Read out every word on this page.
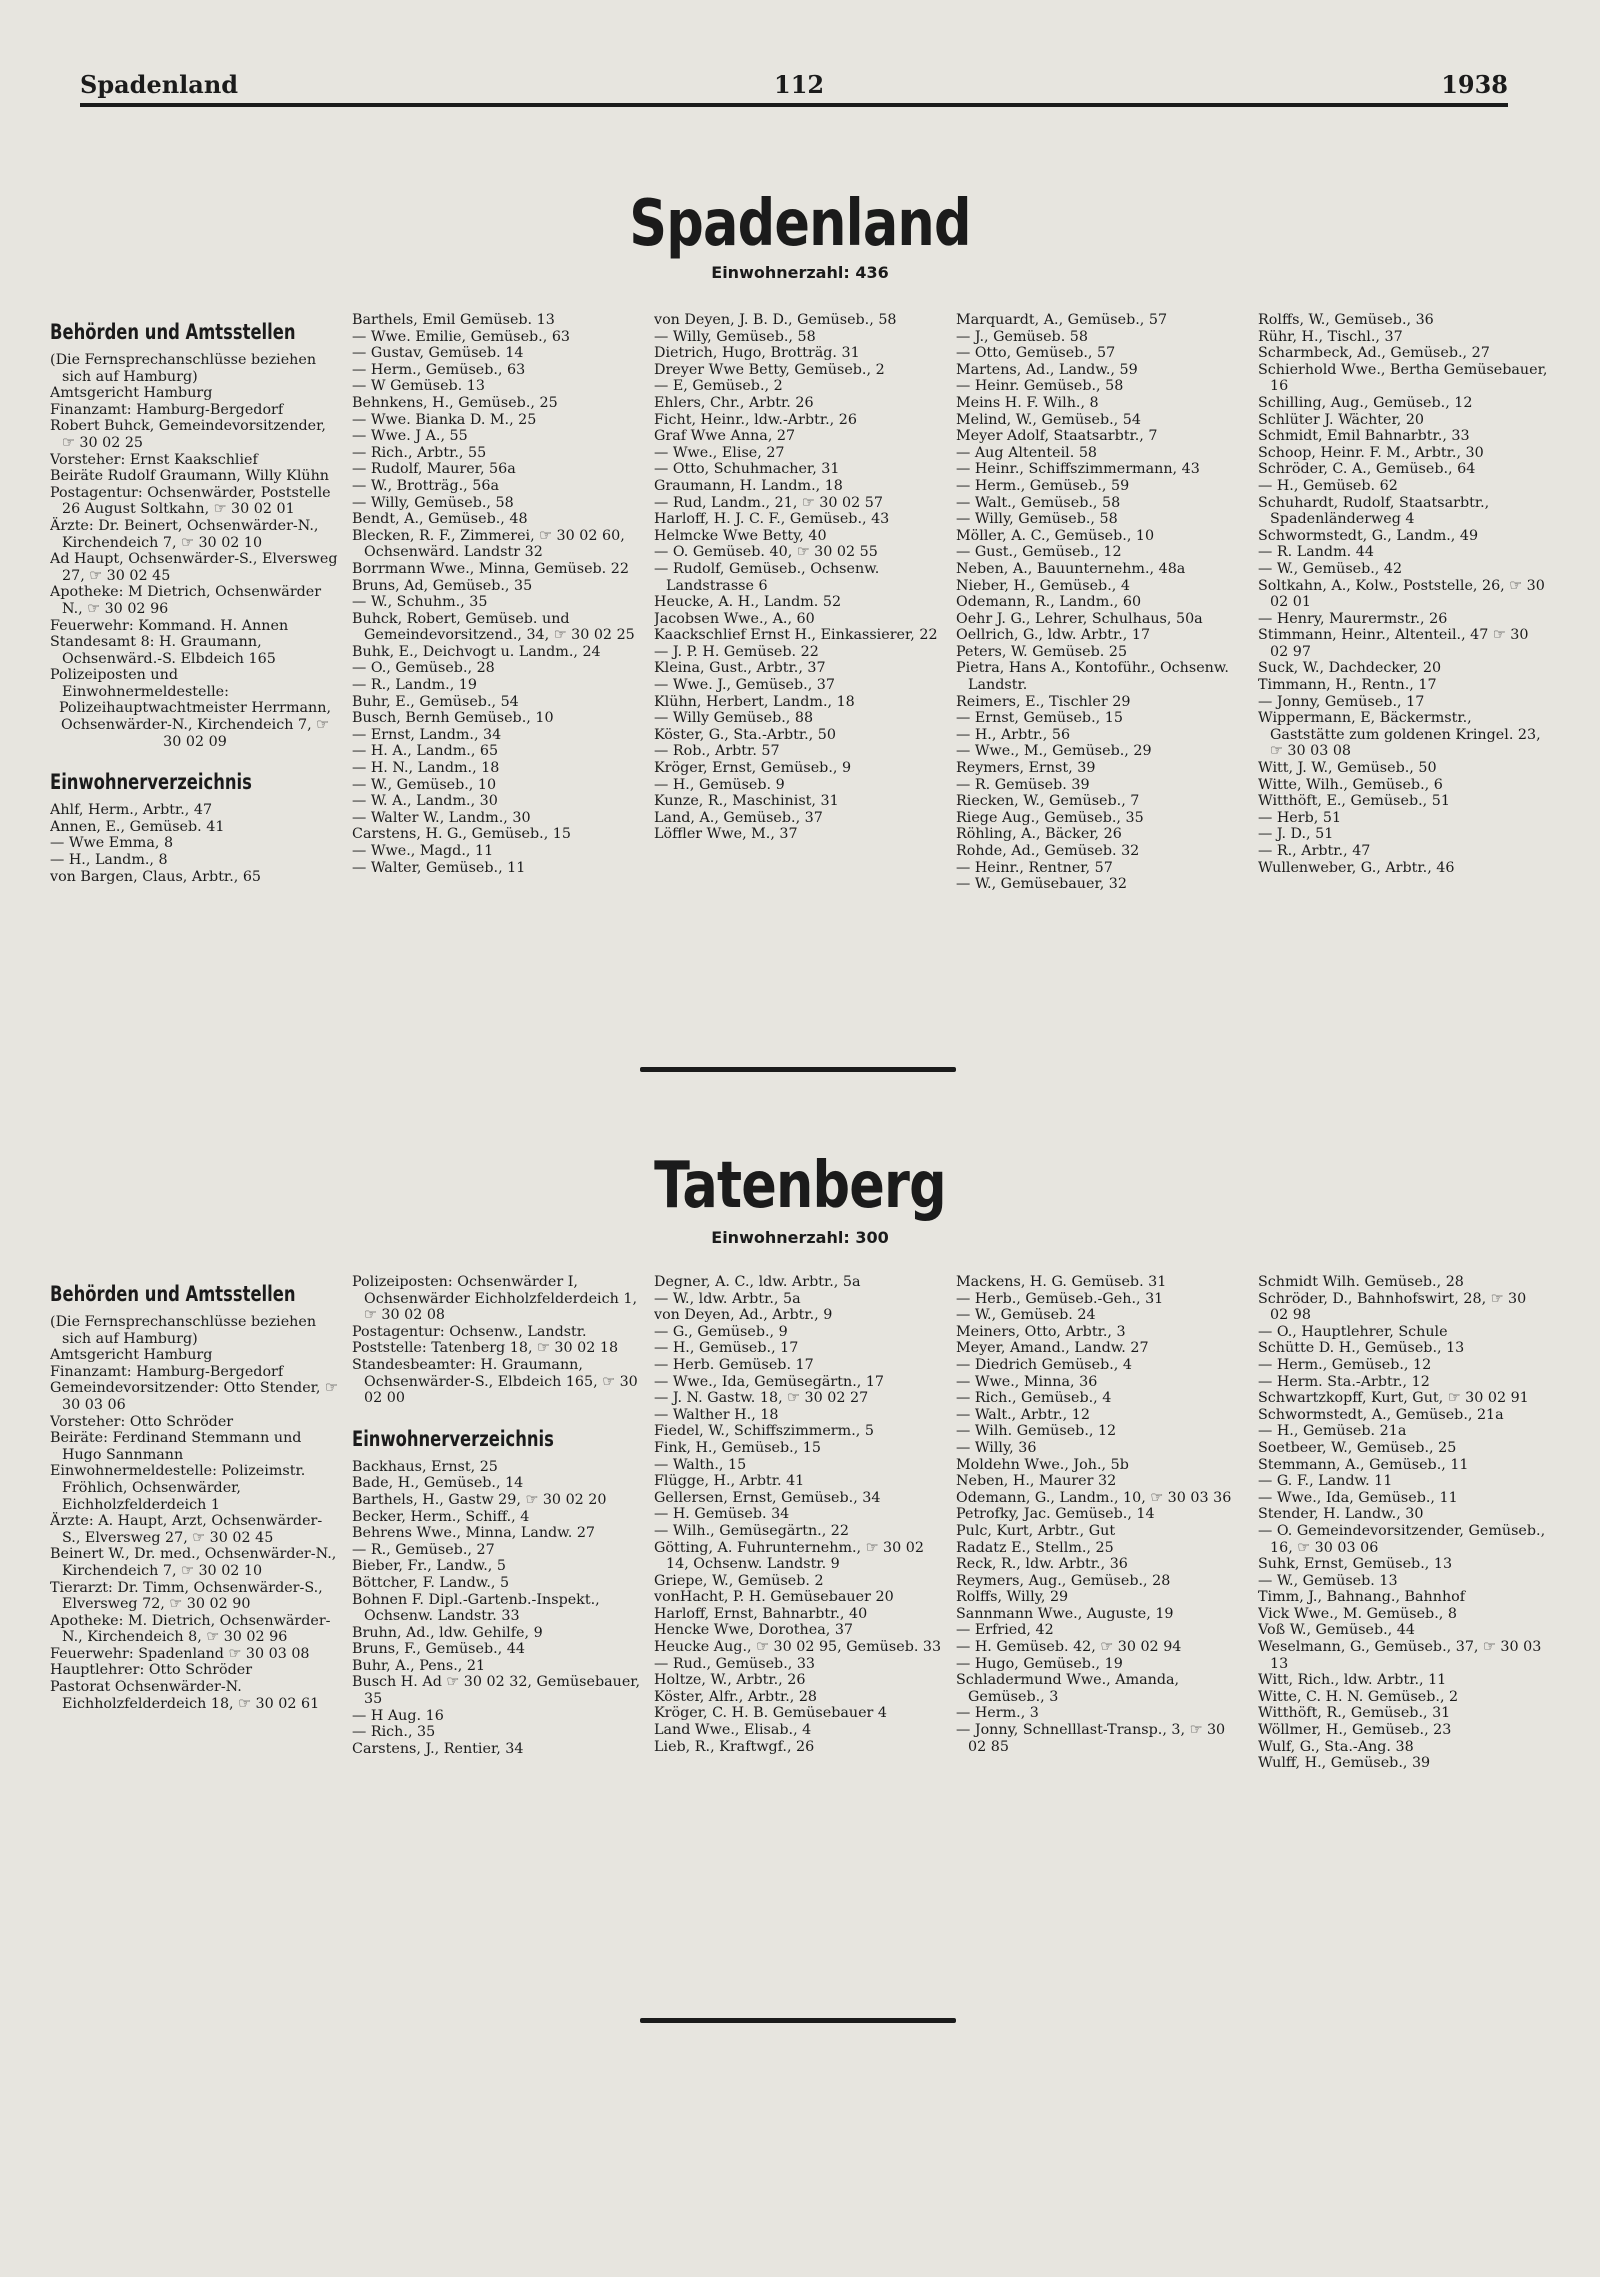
Spadenland	112	1938
Spadenland
Einwohnerzahl: 436
Behörden und Amtsstellen
(Die Fernsprechanschlüsse beziehen sich auf Hamburg)
Amtsgericht Hamburg
Finanzamt: Hamburg-Bergedorf
Robert Buhck, Gemeindevorsitzender, ☞ 30 02 25
Vorsteher: Ernst Kaakschlief
Beiräte Rudolf Graumann, Willy Klühn
Postagentur: Ochsenwärder, Poststelle 26 August Soltkahn, ☞ 30 02 01
Ärzte: Dr. Beinert, Ochsenwärder-N., Kirchendeich 7, ☞ 30 02 10
Ad Haupt, Ochsenwärder-S., Elversweg 27, ☞ 30 02 45
Apotheke: M Dietrich, Ochsenwärder N., ☞ 30 02 96
Feuerwehr: Kommand. H. Annen
Standesamt 8: H. Graumann, Ochsenwärd.-S. Elbdeich 165
Polizeiposten und Einwohnermeldestelle:
Polizeihauptwachtmeister Herrmann, Ochsenwärder-N., Kirchendeich 7, ☞ 30 02 09
Einwohnerverzeichnis
Ahlf, Herm., Arbtr., 47
Annen, E., Gemüseb. 41
— Wwe Emma, 8
— H., Landm., 8
von Bargen, Claus, Arbtr., 65
Barthels, Emil Gemüseb. 13
— Wwe. Emilie, Gemüseb., 63
— Gustav, Gemüseb. 14
— Herm., Gemüseb., 63
— W Gemüseb. 13
Behnkens, H., Gemüseb., 25
— Wwe. Bianka D. M., 25
— Wwe. J A., 55
— Rich., Arbtr., 55
— Rudolf, Maurer, 56a
— W., Brotträg., 56a
— Willy, Gemüseb., 58
Bendt, A., Gemüseb., 48
Blecken, R. F., Zimmerei, ☞ 30 02 60, Ochsenwärd. Landstr 32
Borrmann Wwe., Minna, Gemüseb. 22
Bruns, Ad, Gemüseb., 35
— W., Schuhm., 35
Buhck, Robert, Gemüseb. und Gemeindevorsitzend., 34, ☞ 30 02 25
Buhk, E., Deichvogt u. Landm., 24
— O., Gemüseb., 28
— R., Landm., 19
Buhr, E., Gemüseb., 54
Busch, Bernh Gemüseb., 10
— Ernst, Landm., 34
— H. A., Landm., 65
— H. N., Landm., 18
— W., Gemüseb., 10
— W. A., Landm., 30
— Walter W., Landm., 30
Carstens, H. G., Gemüseb., 15
— Wwe., Magd., 11
— Walter, Gemüseb., 11
von Deyen, J. B. D., Gemüseb., 58
— Willy, Gemüseb., 58
Dietrich, Hugo, Brotträg. 31
Dreyer Wwe Betty, Gemüseb., 2
— E, Gemüseb., 2
Ehlers, Chr., Arbtr. 26
Ficht, Heinr., ldw.-Arbtr., 26
Graf Wwe Anna, 27
— Wwe., Elise, 27
— Otto, Schuhmacher, 31
Graumann, H. Landm., 18
— Rud, Landm., 21, ☞ 30 02 57
Harloff, H. J. C. F., Gemüseb., 43
Helmcke Wwe Betty, 40
— O. Gemüseb. 40, ☞ 30 02 55
— Rudolf, Gemüseb., Ochsenw. Landstrasse 6
Heucke, A. H., Landm. 52
Jacobsen Wwe., A., 60
Kaackschlief Ernst H., Einkassierer, 22
— J. P. H. Gemüseb. 22
Kleina, Gust., Arbtr., 37
— Wwe. J., Gemüseb., 37
Klühn, Herbert, Landm., 18
— Willy Gemüseb., 88
Köster, G., Sta.-Arbtr., 50
— Rob., Arbtr. 57
Kröger, Ernst, Gemüseb., 9
— H., Gemüseb. 9
Kunze, R., Maschinist, 31
Land, A., Gemüseb., 37
Löffler Wwe, M., 37
Marquardt, A., Gemüseb., 57
— J., Gemüseb. 58
— Otto, Gemüseb., 57
Martens, Ad., Landw., 59
— Heinr. Gemüseb., 58
Meins H. F. Wilh., 8
Melind, W., Gemüseb., 54
Meyer Adolf, Staatsarbtr., 7
— Aug Altenteil. 58
— Heinr., Schiffszimmermann, 43
— Herm., Gemüseb., 59
— Walt., Gemüseb., 58
— Willy, Gemüseb., 58
Möller, A. C., Gemüseb., 10
— Gust., Gemüseb., 12
Neben, A., Bauunternehm., 48a
Nieber, H., Gemüseb., 4
Odemann, R., Landm., 60
Oehr J. G., Lehrer, Schulhaus, 50a
Oellrich, G., ldw. Arbtr., 17
Peters, W. Gemüseb. 25
Pietra, Hans A., Kontoführ., Ochsenw. Landstr.
Reimers, E., Tischler 29
— Ernst, Gemüseb., 15
— H., Arbtr., 56
— Wwe., M., Gemüseb., 29
Reymers, Ernst, 39
— R. Gemüseb. 39
Riecken, W., Gemüseb., 7
Riege Aug., Gemüseb., 35
Röhling, A., Bäcker, 26
Rohde, Ad., Gemüseb. 32
— Heinr., Rentner, 57
— W., Gemüsebauer, 32
Rolffs, W., Gemüseb., 36
Rühr, H., Tischl., 37
Scharmbeck, Ad., Gemüseb., 27
Schierhold Wwe., Bertha Gemüsebauer, 16
Schilling, Aug., Gemüseb., 12
Schlüter J. Wächter, 20
Schmidt, Emil Bahnarbtr., 33
Schoop, Heinr. F. M., Arbtr., 30
Schröder, C. A., Gemüseb., 64
— H., Gemüseb. 62
Schuhardt, Rudolf, Staatsarbtr., Spadenländerweg 4
Schwormstedt, G., Landm., 49
— R. Landm. 44
— W., Gemüseb., 42
Soltkahn, A., Kolw., Poststelle, 26, ☞ 30 02 01
— Henry, Maurermstr., 26
Stimmann, Heinr., Altenteil., 47 ☞ 30 02 97
Suck, W., Dachdecker, 20
Timmann, H., Rentn., 17
— Jonny, Gemüseb., 17
Wippermann, E, Bäckermstr., Gaststätte zum goldenen Kringel. 23, ☞ 30 03 08
Witt, J. W., Gemüseb., 50
Witte, Wilh., Gemüseb., 6
Witthöft, E., Gemüseb., 51
— Herb, 51
— J. D., 51
— R., Arbtr., 47
Wullenweber, G., Arbtr., 46
Tatenberg
Einwohnerzahl: 300
Behörden und Amtsstellen
(Die Fernsprechanschlüsse beziehen sich auf Hamburg)
Amtsgericht Hamburg
Finanzamt: Hamburg-Bergedorf
Gemeindevorsitzender: Otto Stender, ☞ 30 03 06
Vorsteher: Otto Schröder
Beiräte: Ferdinand Stemmann und Hugo Sannmann
Einwohnermeldestelle: Polizeimstr. Fröhlich, Ochsenwärder, Eichholzfelderdeich 1
Ärzte: A. Haupt, Arzt, Ochsenwärder-S., Elversweg 27, ☞ 30 02 45
Beinert W., Dr. med., Ochsenwärder-N., Kirchendeich 7, ☞ 30 02 10
Tierarzt: Dr. Timm, Ochsenwärder-S., Elversweg 72, ☞ 30 02 90
Apotheke: M. Dietrich, Ochsenwärder-N., Kirchendeich 8, ☞ 30 02 96
Feuerwehr: Spadenland ☞ 30 03 08
Hauptlehrer: Otto Schröder
Pastorat Ochsenwärder-N. Eichholzfelderdeich 18, ☞ 30 02 61
Polizeiposten: Ochsenwärder I, Ochsenwärder Eichholzfelderdeich 1, ☞ 30 02 08
Postagentur: Ochsenw., Landstr.
Poststelle: Tatenberg 18, ☞ 30 02 18
Standesbeamter: H. Graumann, Ochsenwärder-S., Elbdeich 165, ☞ 30 02 00
Einwohnerverzeichnis
Backhaus, Ernst, 25
Bade, H., Gemüseb., 14
Barthels, H., Gastw 29, ☞ 30 02 20
Becker, Herm., Schiff., 4
Behrens Wwe., Minna, Landw. 27
— R., Gemüseb., 27
Bieber, Fr., Landw., 5
Böttcher, F. Landw., 5
Bohnen F. Dipl.-Gartenb.-Inspekt., Ochsenw. Landstr. 33
Bruhn, Ad., ldw. Gehilfe, 9
Bruns, F., Gemüseb., 44
Buhr, A., Pens., 21
Busch H. Ad ☞ 30 02 32, Gemüsebauer, 35
— H Aug. 16
— Rich., 35
Carstens, J., Rentier, 34
Degner, A. C., ldw. Arbtr., 5a
— W., ldw. Arbtr., 5a
von Deyen, Ad., Arbtr., 9
— G., Gemüseb., 9
— H., Gemüseb., 17
— Herb. Gemüseb. 17
— Wwe., Ida, Gemüsegärtn., 17
— J. N. Gastw. 18, ☞ 30 02 27
— Walther H., 18
Fiedel, W., Schiffszimmerm., 5
Fink, H., Gemüseb., 15
— Walth., 15
Flügge, H., Arbtr. 41
Gellersen, Ernst, Gemüseb., 34
— H. Gemüseb. 34
— Wilh., Gemüsegärtn., 22
Götting, A. Fuhrunternehm., ☞ 30 02 14, Ochsenw. Landstr. 9
Griepe, W., Gemüseb. 2
vonHacht, P. H. Gemüsebauer 20
Harloff, Ernst, Bahnarbtr., 40
Hencke Wwe, Dorothea, 37
Heucke Aug., ☞ 30 02 95, Gemüseb. 33
— Rud., Gemüseb., 33
Holtze, W., Arbtr., 26
Köster, Alfr., Arbtr., 28
Kröger, C. H. B. Gemüsebauer 4
Land Wwe., Elisab., 4
Lieb, R., Kraftwgf., 26
Mackens, H. G. Gemüseb. 31
— Herb., Gemüseb.-Geh., 31
— W., Gemüseb. 24
Meiners, Otto, Arbtr., 3
Meyer, Amand., Landw. 27
— Diedrich Gemüseb., 4
— Wwe., Minna, 36
— Rich., Gemüseb., 4
— Walt., Arbtr., 12
— Wilh. Gemüseb., 12
— Willy, 36
Moldehn Wwe., Joh., 5b
Neben, H., Maurer 32
Odemann, G., Landm., 10, ☞ 30 03 36
Petrofky, Jac. Gemüseb., 14
Pulc, Kurt, Arbtr., Gut
Radatz E., Stellm., 25
Reck, R., ldw. Arbtr., 36
Reymers, Aug., Gemüseb., 28
Rolffs, Willy, 29
Sannmann Wwe., Auguste, 19
— Erfried, 42
— H. Gemüseb. 42, ☞ 30 02 94
— Hugo, Gemüseb., 19
Schladermund Wwe., Amanda, Gemüseb., 3
— Herm., 3
— Jonny, Schnelllast-Transp., 3, ☞ 30 02 85
Schmidt Wilh. Gemüseb., 28
Schröder, D., Bahnhofswirt, 28, ☞ 30 02 98
— O., Hauptlehrer, Schule
Schütte D. H., Gemüseb., 13
— Herm., Gemüseb., 12
— Herm. Sta.-Arbtr., 12
Schwartzkopff, Kurt, Gut, ☞ 30 02 91
Schwormstedt, A., Gemüseb., 21a
— H., Gemüseb. 21a
Soetbeer, W., Gemüseb., 25
Stemmann, A., Gemüseb., 11
— G. F., Landw. 11
— Wwe., Ida, Gemüseb., 11
Stender, H. Landw., 30
— O. Gemeindevorsitzender, Gemüseb., 16, ☞ 30 03 06
Suhk, Ernst, Gemüseb., 13
— W., Gemüseb. 13
Timm, J., Bahnang., Bahnhof
Vick Wwe., M. Gemüseb., 8
Voß W., Gemüseb., 44
Weselmann, G., Gemüseb., 37, ☞ 30 03 13
Witt, Rich., ldw. Arbtr., 11
Witte, C. H. N. Gemüseb., 2
Witthöft, R., Gemüseb., 31
Wöllmer, H., Gemüseb., 23
Wulf, G., Sta.-Ang. 38
Wulff, H., Gemüseb., 39
